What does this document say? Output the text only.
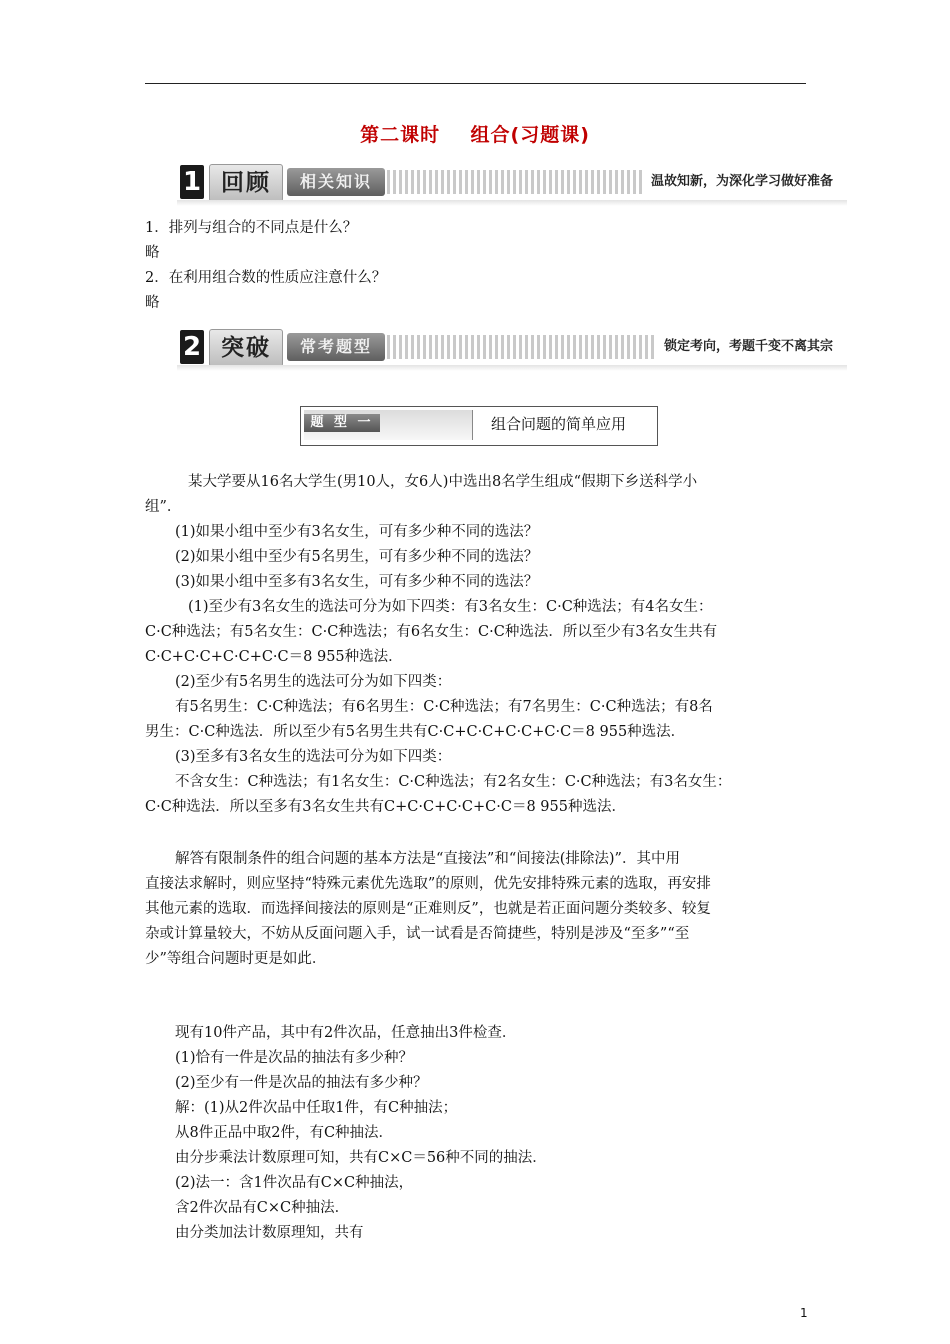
第二课时 组合(习题课)
1 回顾	相关知识	温故知新，为深化学习做好准备

1．排列与组合的不同点是什么？

略

2．在利用组合数的性质应注意什么？

略

2 突破	常考题型	锁定考向，考题千变不离其宗
题 型 一	组合问题的简单应用

某大学要从16名大学生(男10人，女6人)中选出8名学生组成“假期下乡送科学小

组”．

(1)如果小组中至少有3名女生，可有多少种不同的选法？

(2)如果小组中至少有5名男生，可有多少种不同的选法？

(3)如果小组中至多有3名女生，可有多少种不同的选法？

(1)至少有3名女生的选法可分为如下四类：有3名女生：C·C种选法；有4名女生：

C·C种选法；有5名女生：C·C种选法；有6名女生：C·C种选法．所以至少有3名女生共有

C·C+C·C+C·C+C·C＝8 955种选法．

(2)至少有5名男生的选法可分为如下四类：

有5名男生：C·C种选法；有6名男生：C·C种选法；有7名男生：C·C种选法；有8名

男生：C·C种选法．所以至少有5名男生共有C·C+C·C+C·C+C·C＝8 955种选法．

(3)至多有3名女生的选法可分为如下四类：

不含女生：C种选法；有1名女生：C·C种选法；有2名女生：C·C种选法；有3名女生：

C·C种选法．所以至多有3名女生共有C+C·C+C·C+C·C＝8 955种选法．

解答有限制条件的组合问题的基本方法是“直接法”和“间接法(排除法)”．其中用

直接法求解时，则应坚持“特殊元素优先选取”的原则，优先安排特殊元素的选取，再安排

其他元素的选取．而选择间接法的原则是“正难则反”，也就是若正面问题分类较多、较复

杂或计算量较大，不妨从反面问题入手，试一试看是否简捷些，特别是涉及“至多”“至

少”等组合问题时更是如此．

现有10件产品，其中有2件次品，任意抽出3件检查．

(1)恰有一件是次品的抽法有多少种？

(2)至少有一件是次品的抽法有多少种？

解：(1)从2件次品中任取1件，有C种抽法；

从8件正品中取2件，有C种抽法．

由分步乘法计数原理可知，共有C×C＝56种不同的抽法．

(2)法一：含1件次品有C×C种抽法，

含2件次品有C×C种抽法．

由分类加法计数原理知，共有

1
